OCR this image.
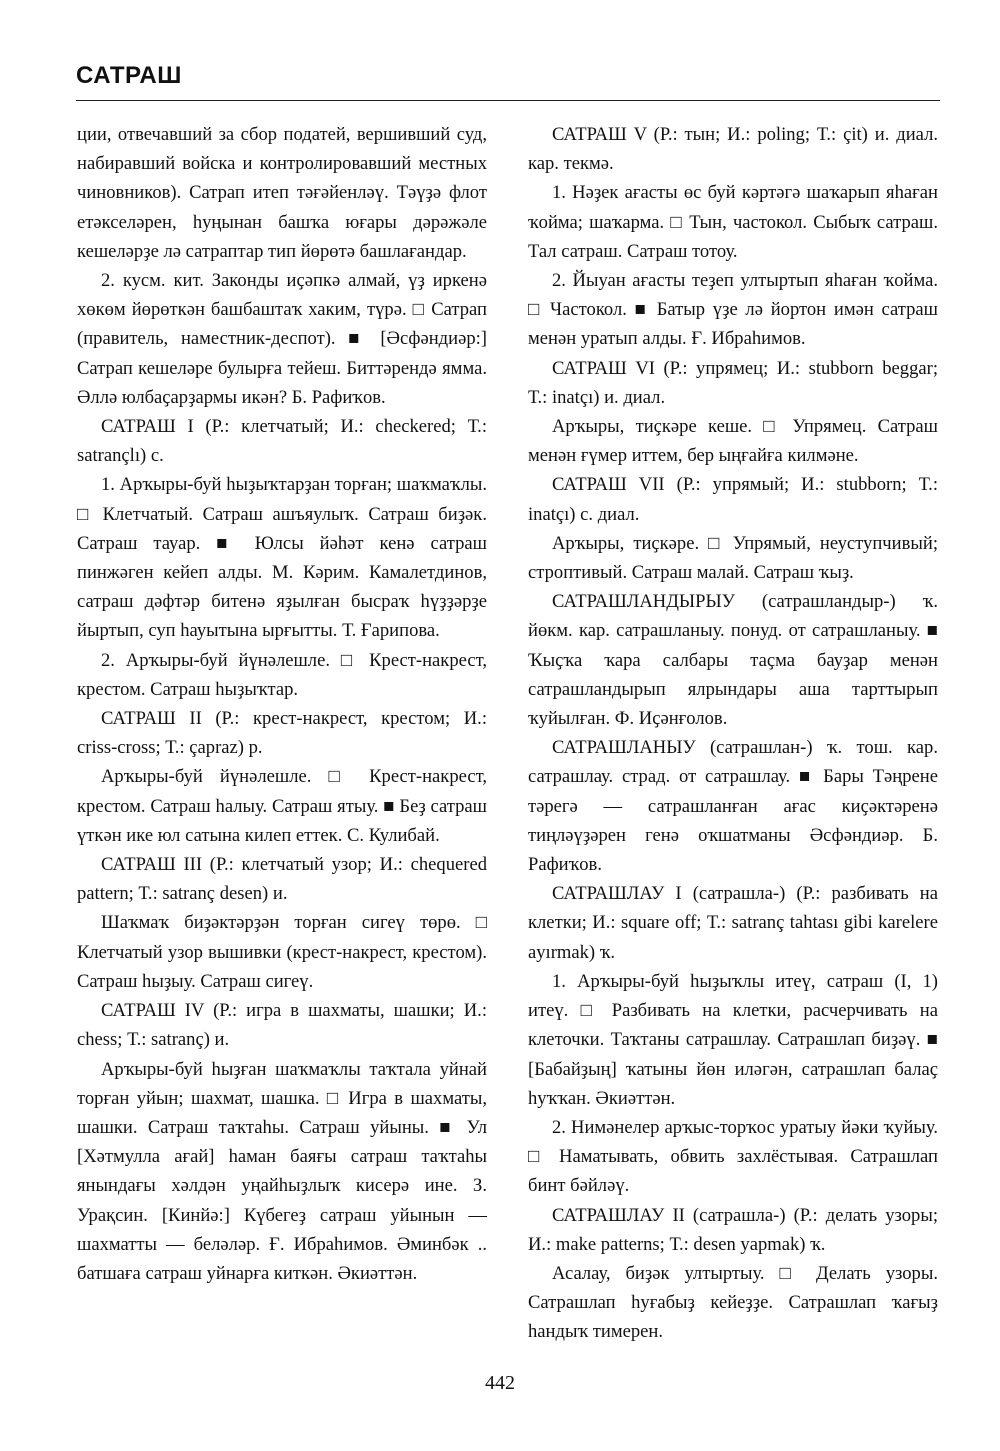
САТРАШ

ции, отвечавший за сбор податей, вершивший суд, набиравший войска и контролировавший местных чиновников). Сатрап итеп тәғәйенләү. Тәүҙә флот етәкселәрен, һуңынан башҡа юғары дәрәжәле кешеләрҙе лә сатраптар тип йөрөтә башлағандар.

2. кусм. кит. Законды иҫәпкә алмай, үҙ иркенә хөкөм йөрөткән башбаштаҡ хаким, түрә. □ Сатрап (правитель, наместник-деспот). ■ [Әсфәндиәр:] Сатрап кешеләре булырға тейеш. Биттәрендә ямма. Әллә юлбаҫарҙармы икән? Б. Рафиҡов.

САТРАШ I (Р.: клетчатый; И.: checkered; Т.: satrançlı) с.

1. Арҡыры-буй һыҙыҡтарҙан торған; шаҡмаҡлы. □ Клетчатый. Сатраш ашъяулыҡ. Сатраш биҙәк. Сатраш тауар. ■ Юлсы йәһәт кенә сатраш пинжәген кейеп алды. М. Кәрим. Камалетдинов, сатраш дәфтәр битенә яҙылған бысраҡ һүҙҙәрҙе йыртып, суп һауытына ырғытты. Т. Ғарипова.

2. Арҡыры-буй йүнәлешле. □ Крест-накрест, крестом. Сатраш һыҙыҡтар.

САТРАШ II (Р.: крест-накрест, крестом; И.: criss-cross; Т.: çapraz) р.

Арҡыры-буй йүнәлешле. □ Крест-накрест, крестом. Сатраш һалыу. Сатраш ятыу. ■ Беҙ сатраш үткән ике юл сатына килеп еттек. С. Кулибай.

САТРАШ III (Р.: клетчатый узор; И.: chequered pattern; Т.: satranç desen) и.

Шаҡмаҡ биҙәктәрҙән торған сигеү төрө. □ Клетчатый узор вышивки (крест-накрест, крестом). Сатраш һыҙыу. Сатраш сигеү.

САТРАШ IV (Р.: игра в шахматы, шашки; И.: chess; Т.: satranç) и.

Арҡыры-буй һыҙған шаҡмаҡлы таҡтала уйнай торған уйын; шахмат, шашка. □ Игра в шахматы, шашки. Сатраш таҡтаһы. Сатраш уйыны. ■ Ул [Хәтмулла ағай] һаман баяғы сатраш таҡтаһы янындағы хәлдән уңайһыҙлыҡ кисерә ине. З. Урақсин. [Кинйә:] Күбегеҙ сатраш уйынын — шахматты — беләләр. Ғ. Ибраһимов. Әминбәк .. батшаға сатраш уйнарға киткән. Әкиәттән.

САТРАШ V (Р.: тын; И.: poling; Т.: çit) и. диал. кар. текмә.

1. Нәҙек ағасты өс буй кәртәгә шаҡарып яһаған ҡойма; шаҡарма. □ Тын, частокол. Сыбыҡ сатраш. Тал сатраш. Сатраш тотоу.

2. Йыуан ағасты теҙеп ултыртып яһаған ҡойма. □ Частокол. ■ Батыр үҙе лә йортон имән сатраш менән уратып алды. Ғ. Ибраһимов.

САТРАШ VI (Р.: упрямец; И.: stubborn beggar; Т.: inatçı) и. диал.

Арҡыры, тиҫкәре кеше. □ Упрямец. Сатраш менән ғүмер иттем, бер ыңғайға килмәне.

САТРАШ VII (Р.: упрямый; И.: stubborn; Т.: inatçı) с. диал.

Арҡыры, тиҫкәре. □ Упрямый, неуступчивый; строптивый. Сатраш малай. Сатраш ҡыҙ.

САТРАШЛАНДЫРЫУ (сатрашландыр-) ҡ. йөкм. кар. сатрашланыу. понуд. от сатрашланыу. ■ Ҡыҫҡа ҡара салбары таҫма бауҙар менән сатрашландырып ялрындары аша тарттырып ҡуйылған. Ф. Иҫәнғолов.

САТРАШЛАНЫУ (сатрашлан-) ҡ. тош. кар. сатрашлау. страд. от сатрашлау. ■ Бары Тәңрене тәрегә — сатрашланған ағас киҫәктәренә тиңләүҙәрен генә оҡшатманы Әсфәндиәр. Б. Рафиҡов.

САТРАШЛАУ I (сатрашла-) (Р.: разбивать на клетки; И.: square off; Т.: satranç tahtası gibi karelere ayırmak) ҡ.

1. Арҡыры-буй һыҙыҡлы итеү, сатраш (I, 1) итеү. □ Разбивать на клетки, расчерчивать на клеточки. Таҡтаны сатрашлау. Сатрашлап биҙәү. ■ [Бабайҙың] ҡатыны йөн иләгән, сатрашлап балаҫ һуҡҡан. Әкиәттән.

2. Нимәнелер арҡыс-торҡос уратыу йәки ҡуйыу. □ Наматывать, обвить захлёстывая. Сатрашлап бинт бәйләү.

САТРАШЛАУ II (сатрашла-) (Р.: делать узоры; И.: make patterns; Т.: desen yapmak) ҡ.

Асалау, биҙәк ултыртыу. □ Делать узоры. Сатрашлап һуғабыҙ кейеҙҙе. Сатрашлап ҡағыҙ һандыҡ тимерен.

442
